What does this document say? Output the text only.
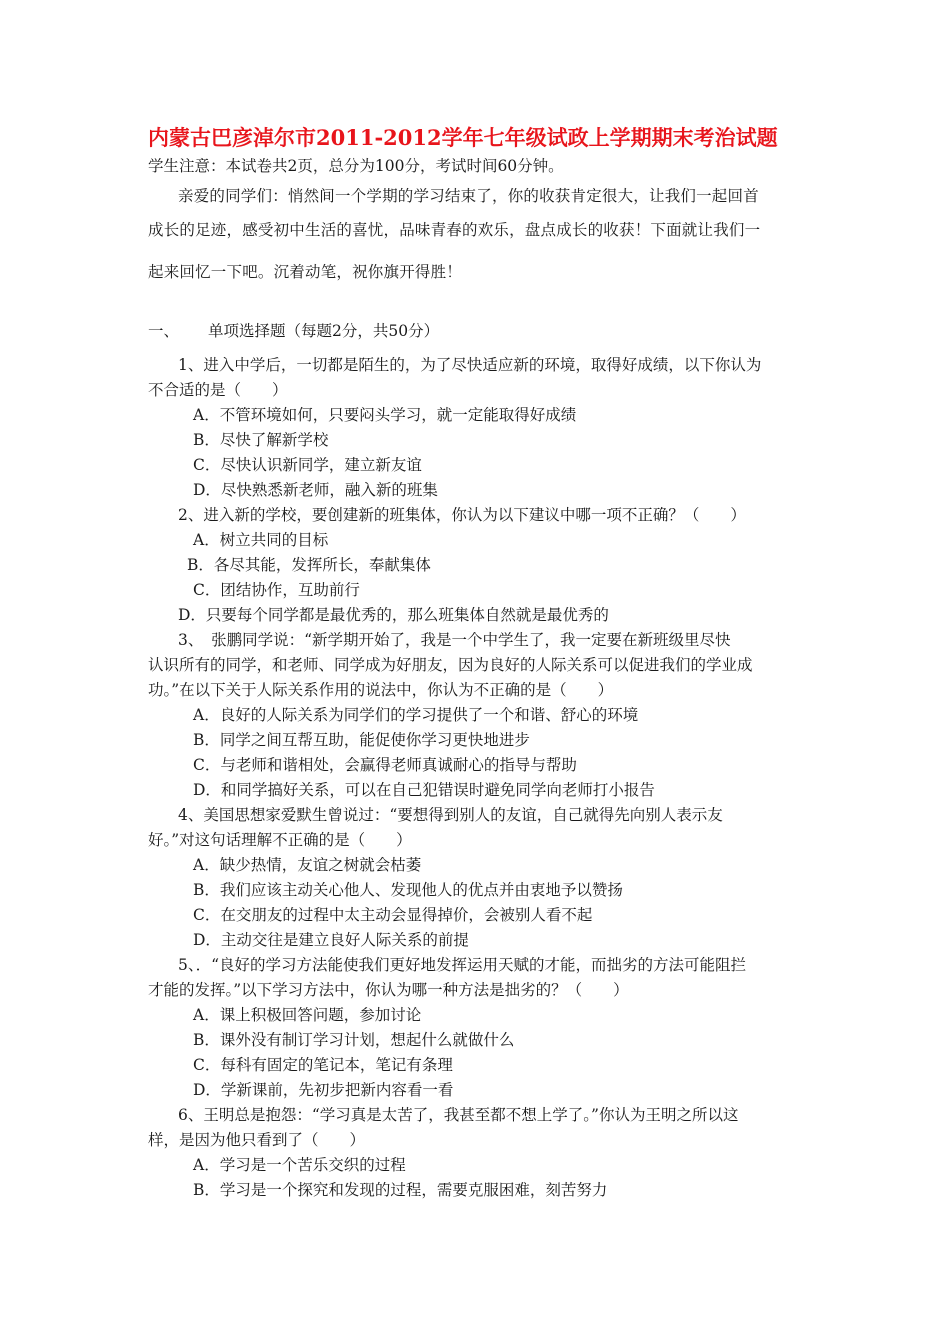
内蒙古巴彦淖尔市2011-2012学年七年级试政上学期期末考治试题
学生注意：本试卷共2页，总分为100分，考试时间60分钟。
亲爱的同学们：悄然间一个学期的学习结束了，你的收获肯定很大，让我们一起回首
成长的足迹，感受初中生活的喜忧，品味青春的欢乐，盘点成长的收获！下面就让我们一
起来回忆一下吧。沉着动笔，祝你旗开得胜！
一、 单项选择题（每题2分，共50分）
1、进入中学后，一切都是陌生的，为了尽快适应新的环境，取得好成绩，以下你认为
不合适的是（　　）
A．不管环境如何，只要闷头学习，就一定能取得好成绩
B．尽快了解新学校
C．尽快认识新同学，建立新友谊
D．尽快熟悉新老师，融入新的班集
2、进入新的学校，要创建新的班集体，你认为以下建议中哪一项不正确？（　　）
A．树立共同的目标
B．各尽其能，发挥所长，奉献集体
C．团结协作，互助前行
D．只要每个同学都是最优秀的，那么班集体自然就是最优秀的
3、　张鹏同学说：“新学期开始了，我是一个中学生了，我一定要在新班级里尽快
认识所有的同学，和老师、同学成为好朋友，因为良好的人际关系可以促进我们的学业成
功。”在以下关于人际关系作用的说法中，你认为不正确的是（　　）
A．良好的人际关系为同学们的学习提供了一个和谐、舒心的环境
B．同学之间互帮互助，能促使你学习更快地进步
C．与老师和谐相处，会赢得老师真诚耐心的指导与帮助
D．和同学搞好关系，可以在自己犯错误时避免同学向老师打小报告
4、美国思想家爱默生曾说过：“要想得到别人的友谊，自己就得先向别人表示友
好。”对这句话理解不正确的是（　　）
A．缺少热情，友谊之树就会枯萎
B．我们应该主动关心他人、发现他人的优点并由衷地予以赞扬
C．在交朋友的过程中太主动会显得掉价，会被别人看不起
D．主动交往是建立良好人际关系的前提
5、．“良好的学习方法能使我们更好地发挥运用天赋的才能，而拙劣的方法可能阻拦
才能的发挥。”以下学习方法中，你认为哪一种方法是拙劣的？（　　）
A．课上积极回答问题，参加讨论
B．课外没有制订学习计划，想起什么就做什么
C．每科有固定的笔记本，笔记有条理
D．学新课前，先初步把新内容看一看
6、王明总是抱怨：“学习真是太苦了，我甚至都不想上学了。”你认为王明之所以这
样，是因为他只看到了（　　）
A．学习是一个苦乐交织的过程
B．学习是一个探究和发现的过程，需要克服困难，刻苦努力
